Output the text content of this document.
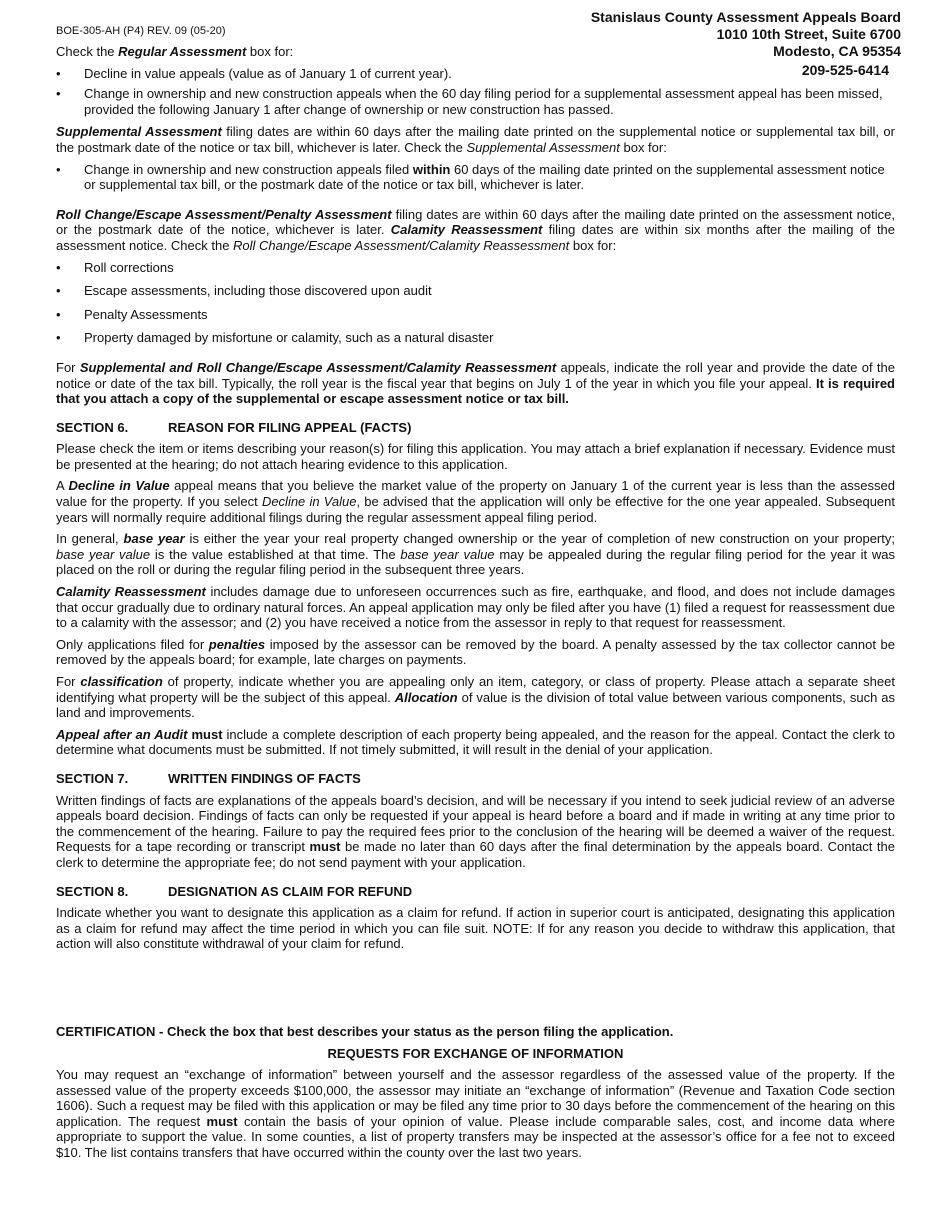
BOE-305-AH (P4) REV. 09 (05-20)
Stanislaus County Assessment Appeals Board
1010 10th Street, Suite 6700
Modesto, CA 95354
209-525-6414

Check the Regular Assessment box for:

• Decline in value appeals (value as of January 1 of current year).
• Change in ownership and new construction appeals when the 60 day filing period for a supplemental assessment appeal has been missed, provided the following January 1 after change of ownership or new construction has passed.

Supplemental Assessment filing dates are within 60 days after the mailing date printed on the supplemental notice or supplemental tax bill, or the postmark date of the notice or tax bill, whichever is later. Check the Supplemental Assessment box for:

• Change in ownership and new construction appeals filed within 60 days of the mailing date printed on the supplemental assessment notice or supplemental tax bill, or the postmark date of the notice or tax bill, whichever is later.

Roll Change/Escape Assessment/Penalty Assessment filing dates are within 60 days after the mailing date printed on the assessment notice, or the postmark date of the notice, whichever is later. Calamity Reassessment filing dates are within six months after the mailing of the assessment notice. Check the Roll Change/Escape Assessment/Calamity Reassessment box for:

• Roll corrections
• Escape assessments, including those discovered upon audit
• Penalty Assessments
• Property damaged by misfortune or calamity, such as a natural disaster

For Supplemental and Roll Change/Escape Assessment/Calamity Reassessment appeals, indicate the roll year and provide the date of the notice or date of the tax bill. Typically, the roll year is the fiscal year that begins on July 1 of the year in which you file your appeal. It is required that you attach a copy of the supplemental or escape assessment notice or tax bill.

SECTION 6.	REASON FOR FILING APPEAL (FACTS)

Please check the item or items describing your reason(s) for filing this application. You may attach a brief explanation if necessary. Evidence must be presented at the hearing; do not attach hearing evidence to this application.

A Decline in Value appeal means that you believe the market value of the property on January 1 of the current year is less than the assessed value for the property. If you select Decline in Value, be advised that the application will only be effective for the one year appealed. Subsequent years will normally require additional filings during the regular assessment appeal filing period.

In general, base year is either the year your real property changed ownership or the year of completion of new construction on your property; base year value is the value established at that time. The base year value may be appealed during the regular filing period for the year it was placed on the roll or during the regular filing period in the subsequent three years.

Calamity Reassessment includes damage due to unforeseen occurrences such as fire, earthquake, and flood, and does not include damages that occur gradually due to ordinary natural forces. An appeal application may only be filed after you have (1) filed a request for reassessment due to a calamity with the assessor; and (2) you have received a notice from the assessor in reply to that request for reassessment.

Only applications filed for penalties imposed by the assessor can be removed by the board. A penalty assessed by the tax collector cannot be removed by the appeals board; for example, late charges on payments.

For classification of property, indicate whether you are appealing only an item, category, or class of property. Please attach a separate sheet identifying what property will be the subject of this appeal. Allocation of value is the division of total value between various components, such as land and improvements.

Appeal after an Audit must include a complete description of each property being appealed, and the reason for the appeal. Contact the clerk to determine what documents must be submitted. If not timely submitted, it will result in the denial of your application.

SECTION 7.	WRITTEN FINDINGS OF FACTS

Written findings of facts are explanations of the appeals board’s decision, and will be necessary if you intend to seek judicial review of an adverse appeals board decision. Findings of facts can only be requested if your appeal is heard before a board and if made in writing at any time prior to the commencement of the hearing. Failure to pay the required fees prior to the conclusion of the hearing will be deemed a waiver of the request. Requests for a tape recording or transcript must be made no later than 60 days after the final determination by the appeals board. Contact the clerk to determine the appropriate fee; do not send payment with your application.

SECTION 8.	DESIGNATION AS CLAIM FOR REFUND

Indicate whether you want to designate this application as a claim for refund. If action in superior court is anticipated, designating this application as a claim for refund may affect the time period in which you can file suit. NOTE: If for any reason you decide to withdraw this application, that action will also constitute withdrawal of your claim for refund.

CERTIFICATION - Check the box that best describes your status as the person filing the application.
REQUESTS FOR EXCHANGE OF INFORMATION

You may request an “exchange of information” between yourself and the assessor regardless of the assessed value of the property. If the assessed value of the property exceeds $100,000, the assessor may initiate an “exchange of information” (Revenue and Taxation Code section 1606). Such a request may be filed with this application or may be filed any time prior to 30 days before the commencement of the hearing on this application. The request must contain the basis of your opinion of value. Please include comparable sales, cost, and income data where appropriate to support the value. In some counties, a list of property transfers may be inspected at the assessor’s office for a fee not to exceed $10. The list contains transfers that have occurred within the county over the last two years.
